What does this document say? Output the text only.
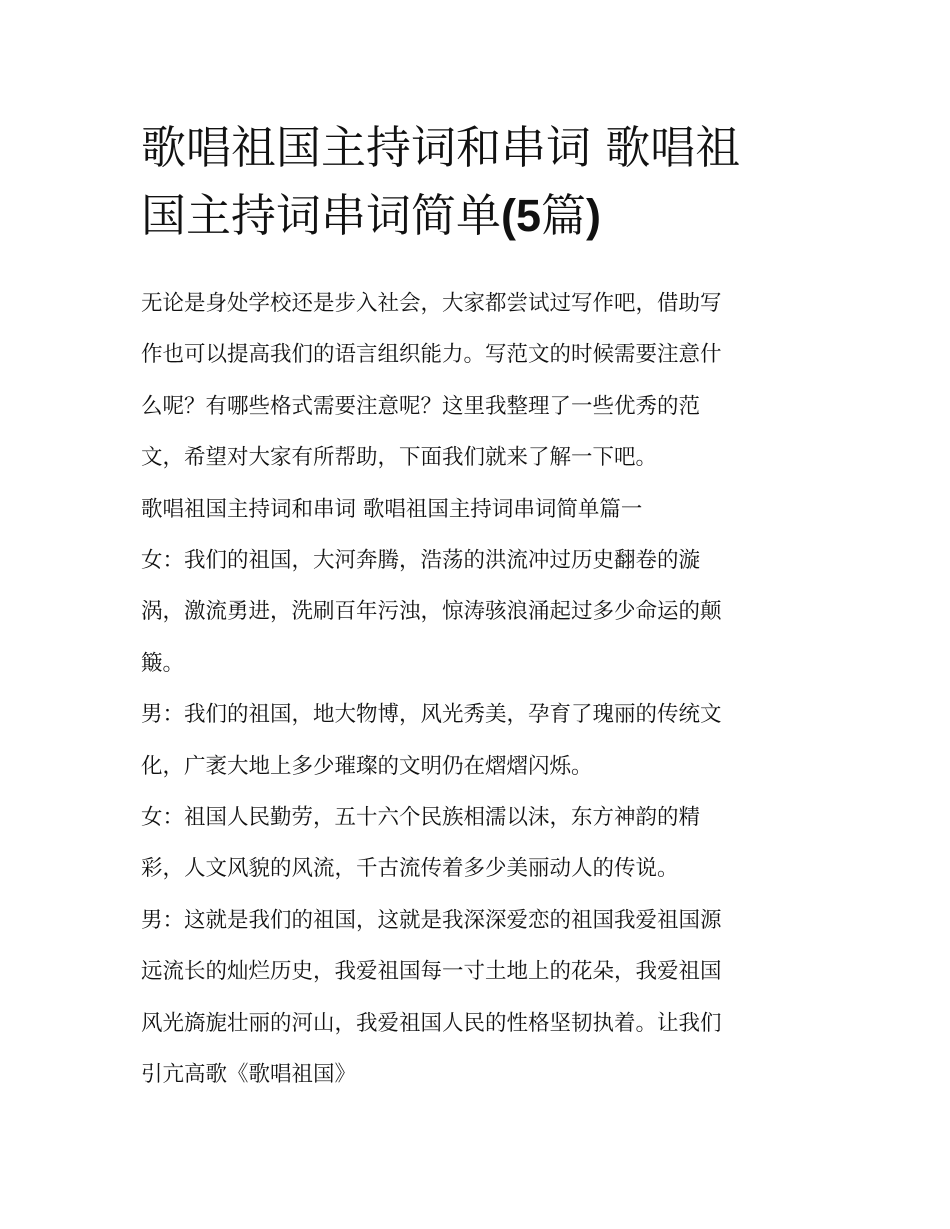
歌唱祖国主持词和串词 歌唱祖
国主持词串词简单(5篇)

无论是身处学校还是步入社会，大家都尝试过写作吧，借助写
作也可以提高我们的语言组织能力。写范文的时候需要注意什
么呢？有哪些格式需要注意呢？这里我整理了一些优秀的范
文，希望对大家有所帮助，下面我们就来了解一下吧。

歌唱祖国主持词和串词 歌唱祖国主持词串词简单篇一

女：我们的祖国，大河奔腾，浩荡的洪流冲过历史翻卷的漩
涡，激流勇进，洗刷百年污浊，惊涛骇浪涌起过多少命运的颠
簸。

男：我们的祖国，地大物博，风光秀美，孕育了瑰丽的传统文
化，广袤大地上多少璀璨的文明仍在熠熠闪烁。

女：祖国人民勤劳，五十六个民族相濡以沫，东方神韵的精
彩，人文风貌的风流，千古流传着多少美丽动人的传说。

男：这就是我们的祖国，这就是我深深爱恋的祖国我爱祖国源
远流长的灿烂历史，我爱祖国每一寸土地上的花朵，我爱祖国
风光旖旎壮丽的河山，我爱祖国人民的性格坚韧执着。让我们
引亢高歌《歌唱祖国》
